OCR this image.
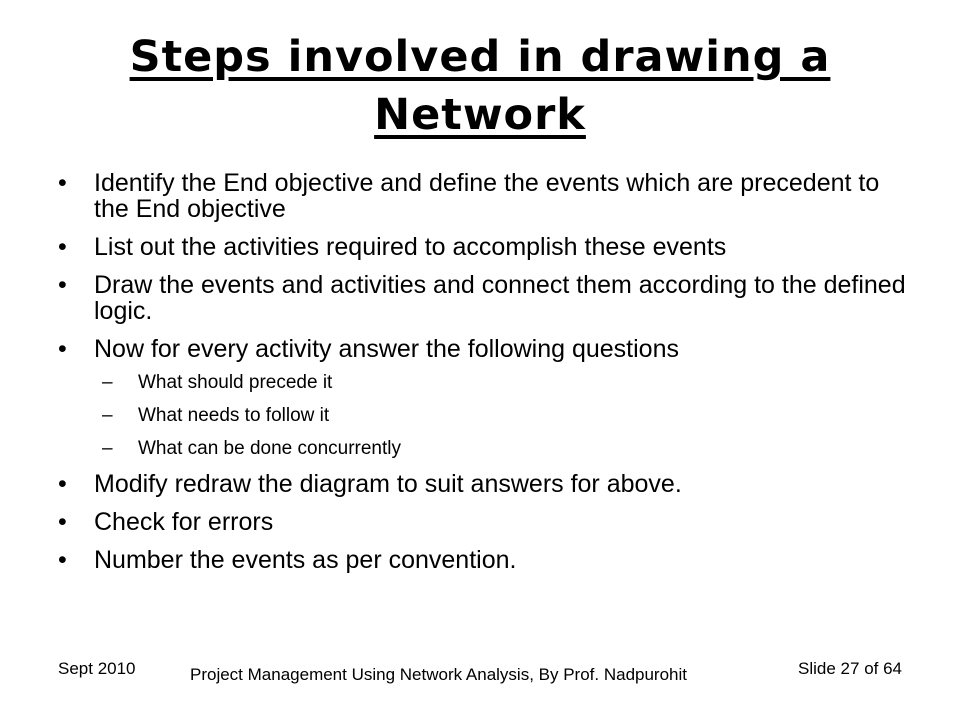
Steps involved in drawing a Network
• Identify the End objective and define the events which are precedent to the End objective
• List out the activities required to accomplish these events
• Draw the events and activities and connect them according to the defined logic.
• Now for every activity answer the following questions
– What should precede it
– What needs to follow it
– What can be done concurrently
• Modify redraw the diagram to suit answers for above.
• Check for errors
• Number the events as per convention.
Sept 2010	Project Management Using Network Analysis, By Prof. Nadpurohit	Slide 27 of 64
